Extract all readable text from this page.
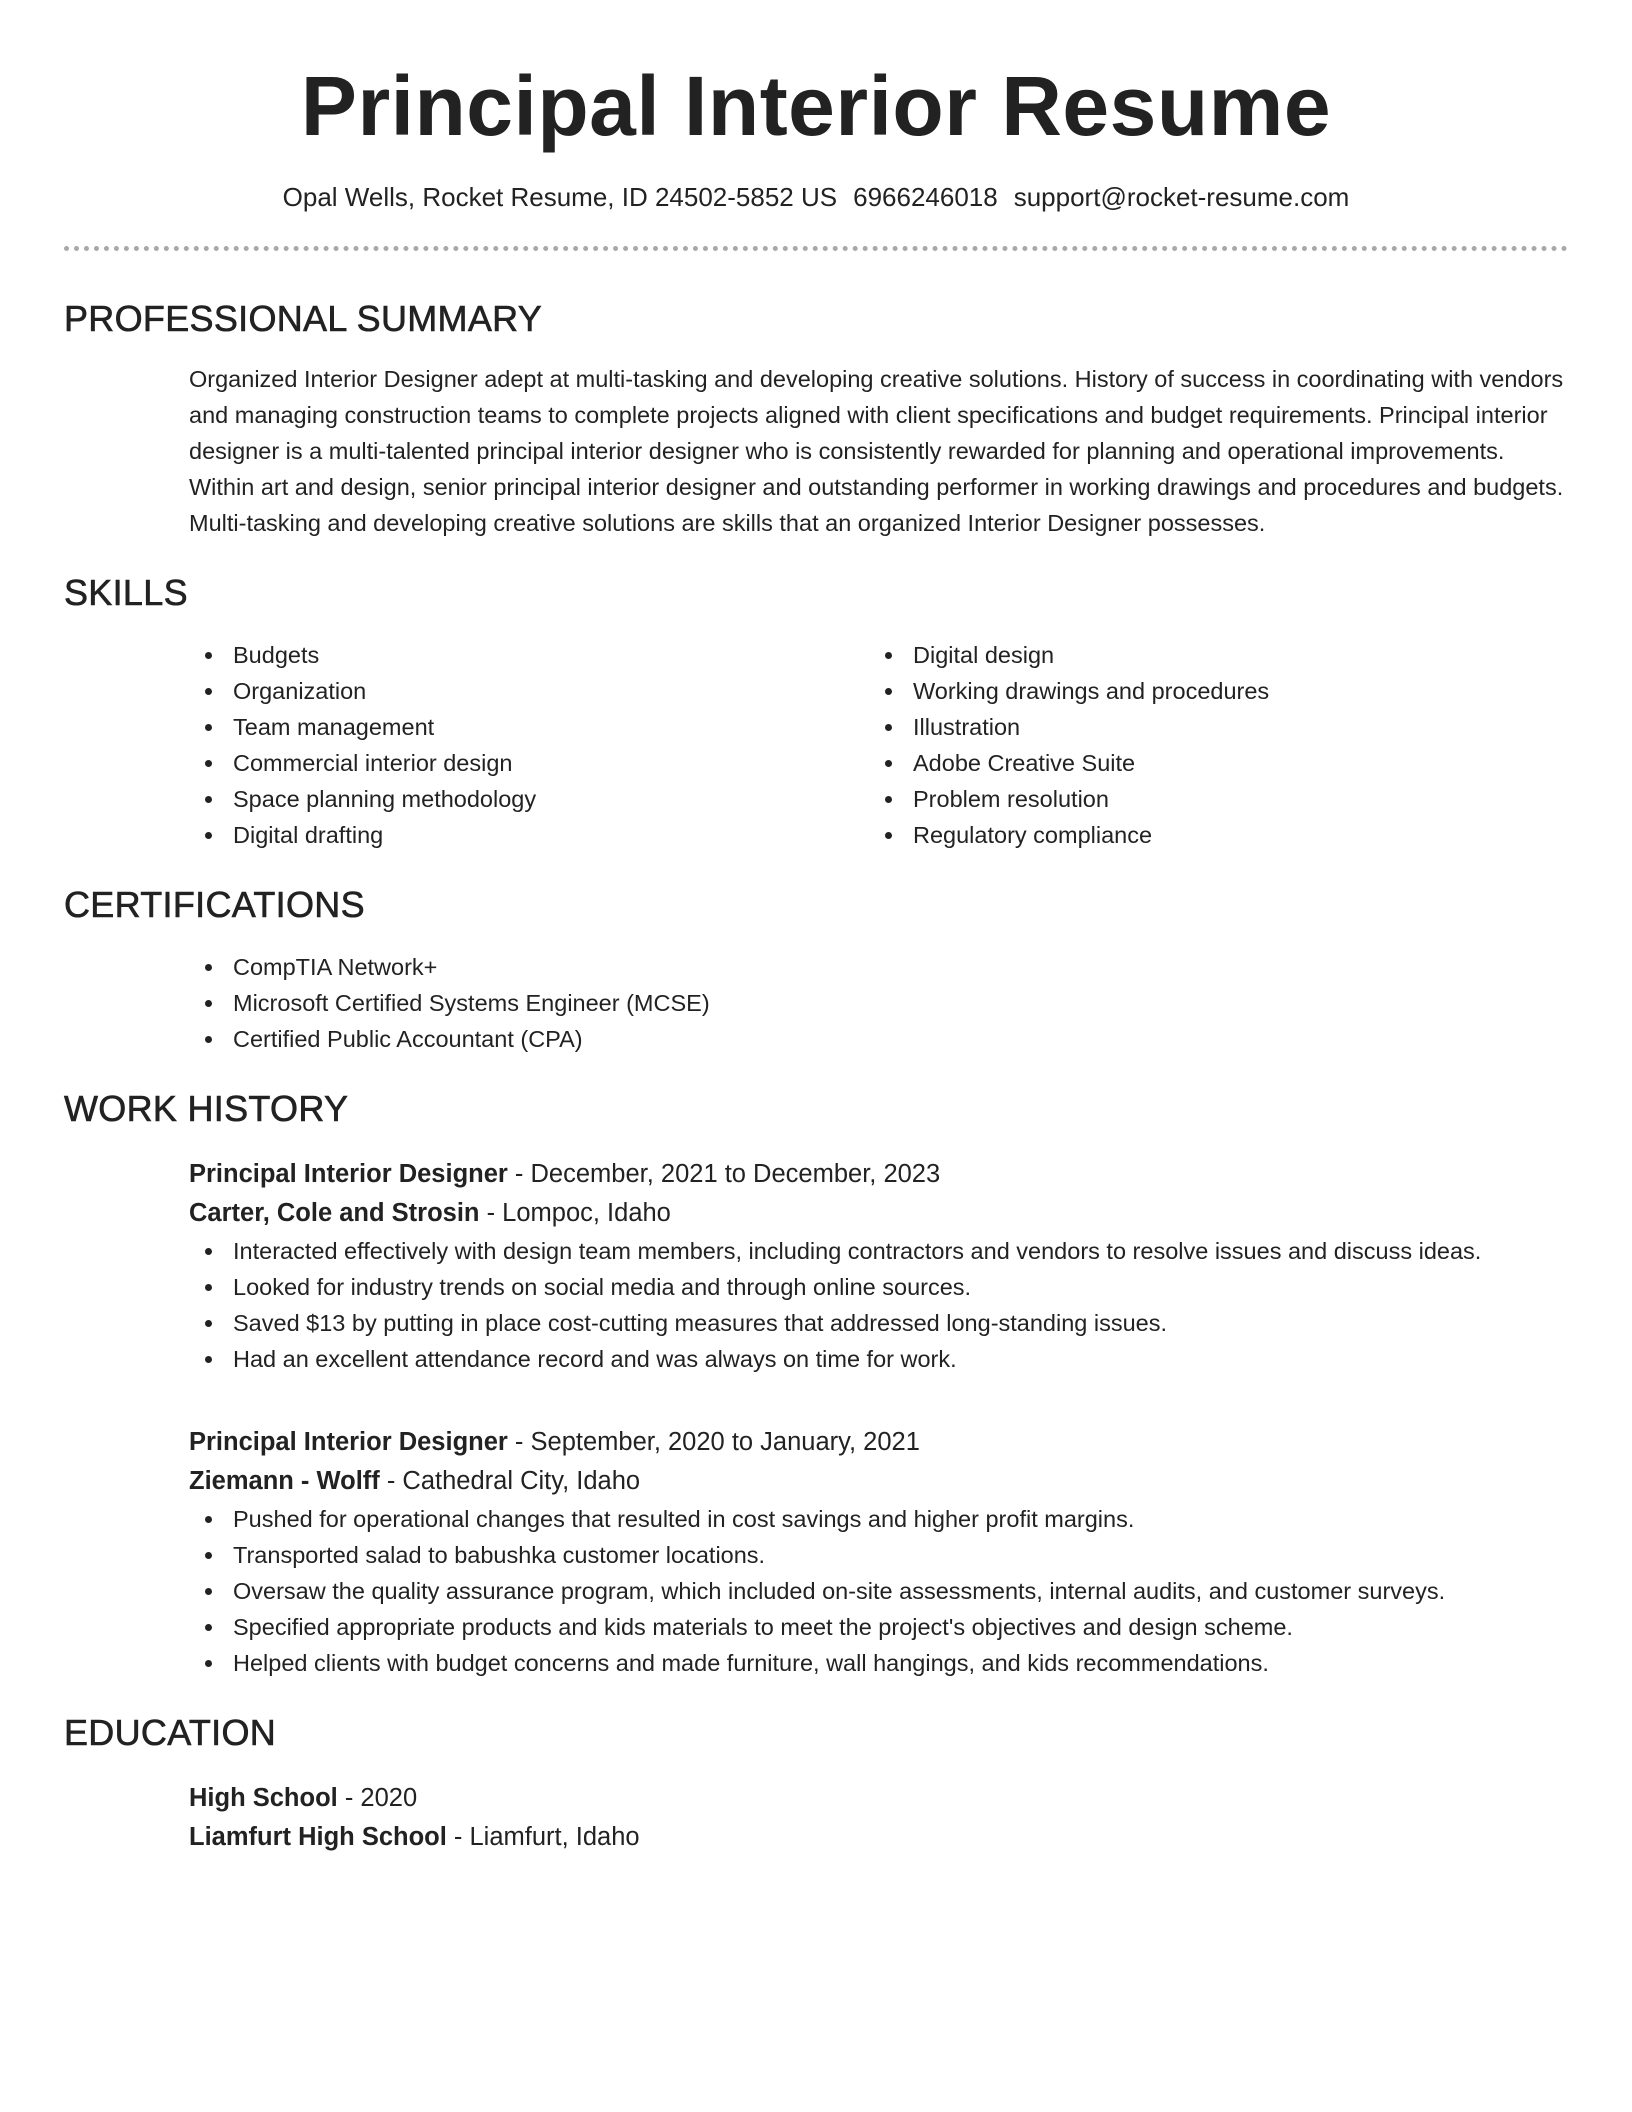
Principal Interior Resume
Opal Wells, Rocket Resume, ID 24502-5852 US 6966246018 support@rocket-resume.com
PROFESSIONAL SUMMARY
Organized Interior Designer adept at multi-tasking and developing creative solutions. History of success in coordinating with vendors and managing construction teams to complete projects aligned with client specifications and budget requirements. Principal interior designer is a multi-talented principal interior designer who is consistently rewarded for planning and operational improvements. Within art and design, senior principal interior designer and outstanding performer in working drawings and procedures and budgets. Multi-tasking and developing creative solutions are skills that an organized Interior Designer possesses.
SKILLS
Budgets
Organization
Team management
Commercial interior design
Space planning methodology
Digital drafting
Digital design
Working drawings and procedures
Illustration
Adobe Creative Suite
Problem resolution
Regulatory compliance
CERTIFICATIONS
CompTIA Network+
Microsoft Certified Systems Engineer (MCSE)
Certified Public Accountant (CPA)
WORK HISTORY
Principal Interior Designer - December, 2021 to December, 2023
Carter, Cole and Strosin - Lompoc, Idaho
Interacted effectively with design team members, including contractors and vendors to resolve issues and discuss ideas.
Looked for industry trends on social media and through online sources.
Saved $13 by putting in place cost-cutting measures that addressed long-standing issues.
Had an excellent attendance record and was always on time for work.
Principal Interior Designer - September, 2020 to January, 2021
Ziemann - Wolff - Cathedral City, Idaho
Pushed for operational changes that resulted in cost savings and higher profit margins.
Transported salad to babushka customer locations.
Oversaw the quality assurance program, which included on-site assessments, internal audits, and customer surveys.
Specified appropriate products and kids materials to meet the project's objectives and design scheme.
Helped clients with budget concerns and made furniture, wall hangings, and kids recommendations.
EDUCATION
High School - 2020
Liamfurt High School - Liamfurt, Idaho
